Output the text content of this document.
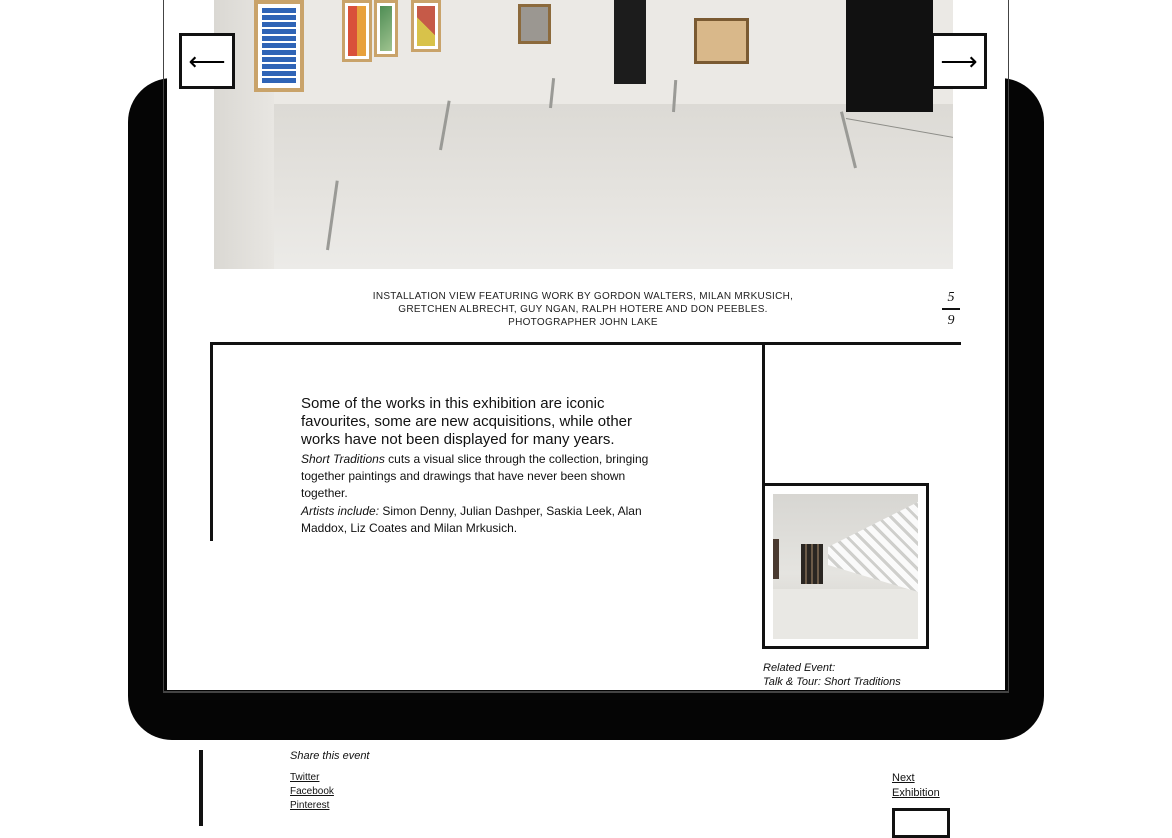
⟵	⟶
INSTALLATION VIEW FEATURING WORK BY GORDON WALTERS, MILAN MRKUSICH, GRETCHEN ALBRECHT, GUY NGAN, RALPH HOTERE AND DON PEEBLES. PHOTOGRAPHER JOHN LAKE
5
9
Some of the works in this exhibition are iconic favourites, some are new acquisitions, while other works have not been displayed for many years.
Short Traditions cuts a visual slice through the collection, bringing together paintings and drawings that have never been shown together.
Artists include: Simon Denny, Julian Dashper, Saskia Leek, Alan Maddox, Liz Coates and Milan Mrkusich.
Related Event:
Talk & Tour: Short Traditions
Share this event
Twitter
Facebook
Pinterest
Next
Exhibition
